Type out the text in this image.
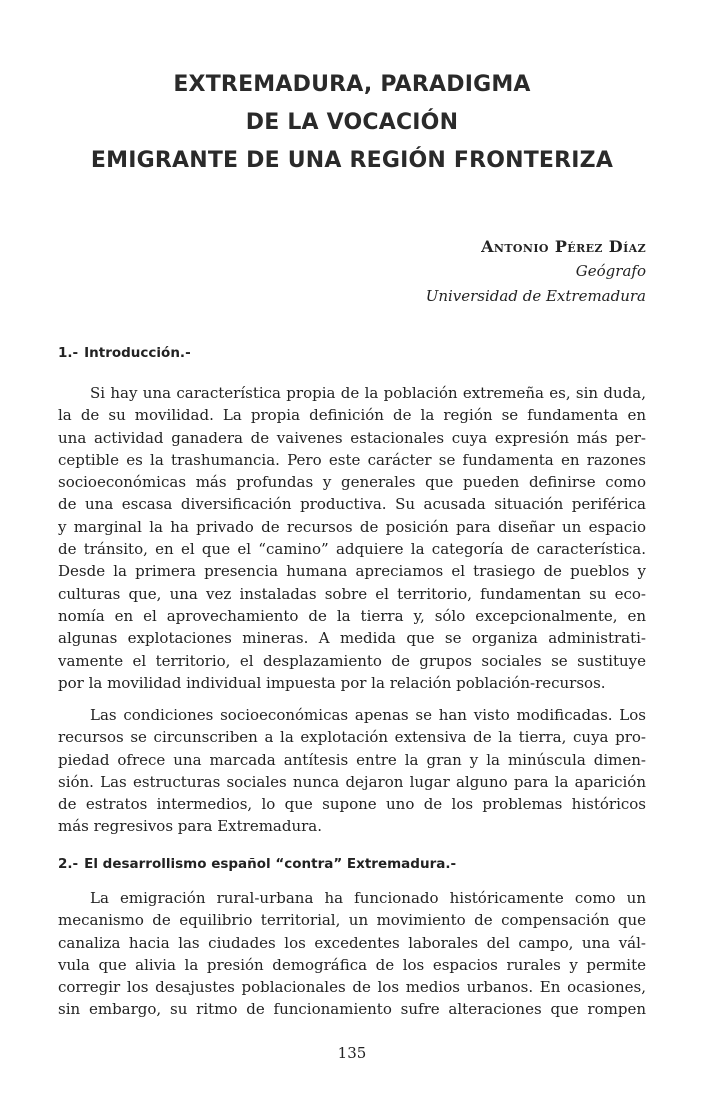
EXTREMADURA, PARADIGMA
DE LA VOCACIÓN
EMIGRANTE DE UNA REGIÓN FRONTERIZA
Antonio Pérez Díaz
Geógrafo
Universidad de Extremadura
1.- Introducción.-
Si hay una característica propia de la población extremeña es, sin duda,
la de su movilidad. La propia definición de la región se fundamenta en
una actividad ganadera de vaivenes estacionales cuya expresión más per-
ceptible es la trashumancia. Pero este carácter se fundamenta en razones
socioeconómicas más profundas y generales que pueden definirse como
de una escasa diversificación productiva. Su acusada situación periférica
y marginal la ha privado de recursos de posición para diseñar un espacio
de tránsito, en el que el “camino” adquiere la categoría de característica.
Desde la primera presencia humana apreciamos el trasiego de pueblos y
culturas que, una vez instaladas sobre el territorio, fundamentan su eco-
nomía en el aprovechamiento de la tierra y, sólo excepcionalmente, en
algunas explotaciones mineras. A medida que se organiza administrati-
vamente el territorio, el desplazamiento de grupos sociales se sustituye
por la movilidad individual impuesta por la relación población-recursos.
Las condiciones socioeconómicas apenas se han visto modificadas. Los
recursos se circunscriben a la explotación extensiva de la tierra, cuya pro-
piedad ofrece una marcada antítesis entre la gran y la minúscula dimen-
sión. Las estructuras sociales nunca dejaron lugar alguno para la aparición
de estratos intermedios, lo que supone uno de los problemas históricos
más regresivos para Extremadura.
2.- El desarrollismo español “contra” Extremadura.-
La emigración rural-urbana ha funcionado históricamente como un
mecanismo de equilibrio territorial, un movimiento de compensación que
canaliza hacia las ciudades los excedentes laborales del campo, una vál-
vula que alivia la presión demográfica de los espacios rurales y permite
corregir los desajustes poblacionales de los medios urbanos. En ocasiones,
sin embargo, su ritmo de funcionamiento sufre alteraciones que rompen
135
